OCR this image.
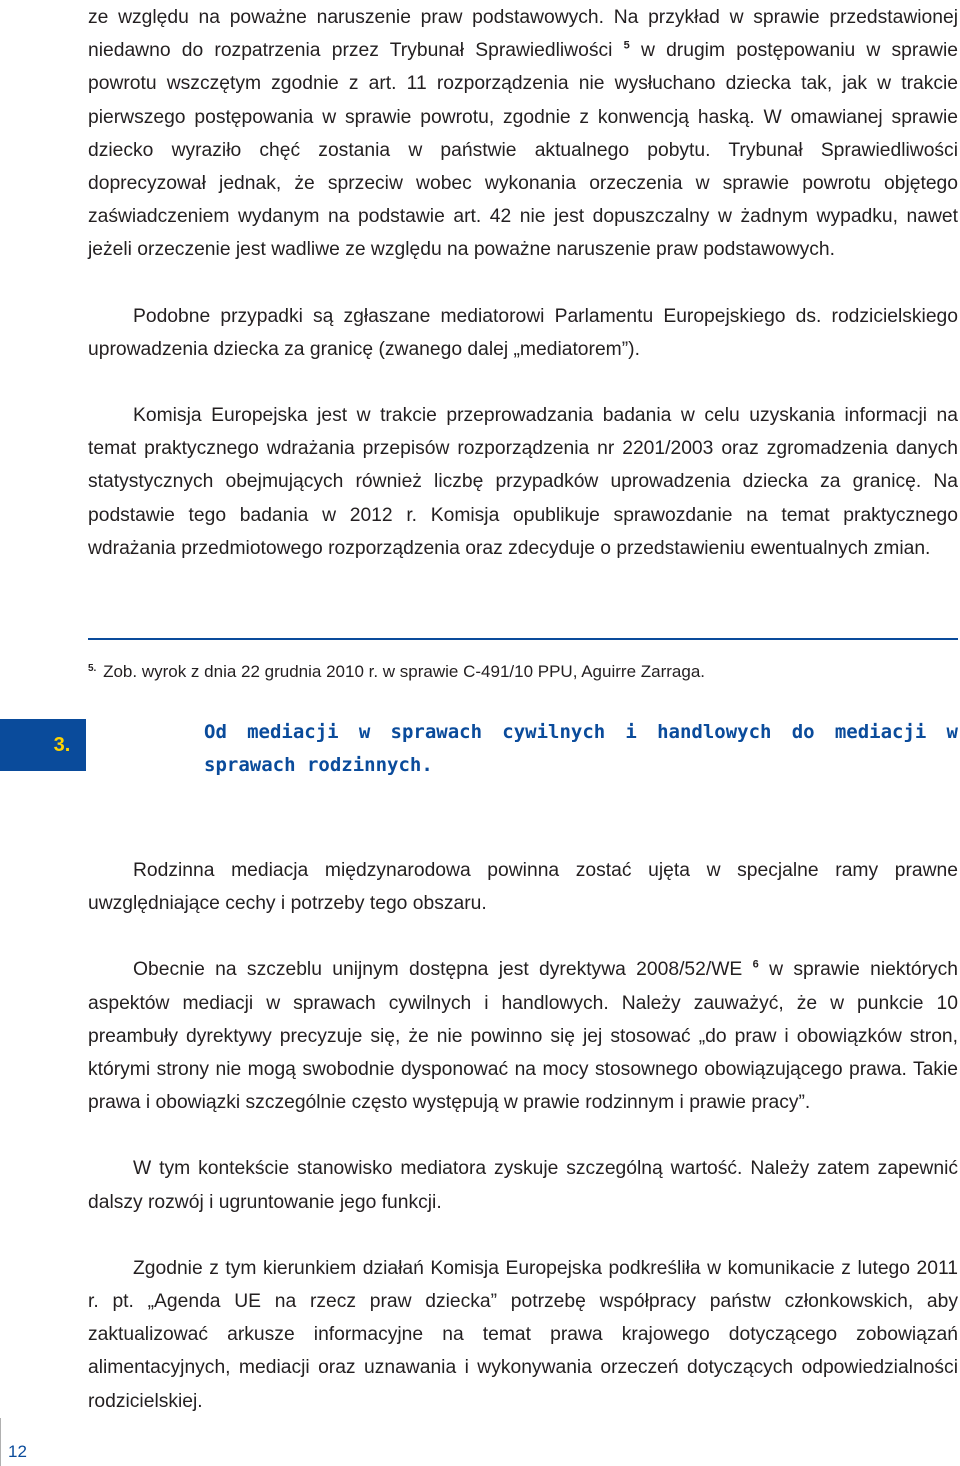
ze względu na poważne naruszenie praw podstawowych. Na przykład w sprawie przedstawionej niedawno do rozpatrzenia przez Trybunał Sprawiedliwości $^5$ w drugim postępowaniu w sprawie powrotu wszczętym zgodnie z art. 11 rozporządzenia nie wysłuchano dziecka tak, jak w trakcie pierwszego postępowania w sprawie powrotu, zgodnie z konwencją haską. W omawianej sprawie dziecko wyraziło chęć zostania w państwie aktualnego pobytu. Trybunał Sprawiedliwości doprecyzował jednak, że sprzeciw wobec wykonania orzeczenia w sprawie powrotu objętego zaświadczeniem wydanym na podstawie art. 42 nie jest dopuszczalny w żadnym wypadku, nawet jeżeli orzeczenie jest wadliwe ze względu na poważne naruszenie praw podstawowych.

Podobne przypadki są zgłaszane mediatorowi Parlamentu Europejskiego ds. rodzicielskiego uprowadzenia dziecka za granicę (zwanego dalej „mediatorem”).

Komisja Europejska jest w trakcie przeprowadzania badania w celu uzyskania informacji na temat praktycznego wdrażania przepisów rozporządzenia nr 2201/2003 oraz zgromadzenia danych statystycznych obejmujących również liczbę przypadków uprowadzenia dziecka za granicę. Na podstawie tego badania w 2012 r. Komisja opublikuje sprawozdanie na temat praktycznego wdrażania przedmiotowego rozporządzenia oraz zdecyduje o przedstawieniu ewentualnych zmian.

$^{5.}$ Zob. wyrok z dnia 22 grudnia 2010 r. w sprawie C-491/10 PPU, Aguirre Zarraga.
3.
Od mediacji w sprawach cywilnych i handlowych do mediacji w sprawach rodzinnych.

Rodzinna mediacja międzynarodowa powinna zostać ujęta w specjalne ramy prawne uwzględniające cechy i potrzeby tego obszaru.

Obecnie na szczeblu unijnym dostępna jest dyrektywa 2008/52/WE $^6$ w sprawie niektórych aspektów mediacji w sprawach cywilnych i handlowych. Należy zauważyć, że w punkcie 10 preambuły dyrektywy precyzuje się, że nie powinno się jej stosować „do praw i obowiązków stron, którymi strony nie mogą swobodnie dysponować na mocy stosownego obowiązującego prawa. Takie prawa i obowiązki szczególnie często występują w prawie rodzinnym i prawie pracy”.

W tym kontekście stanowisko mediatora zyskuje szczególną wartość. Należy zatem zapewnić dalszy rozwój i ugruntowanie jego funkcji.

Zgodnie z tym kierunkiem działań Komisja Europejska podkreśliła w komunikacie z lutego 2011 r. pt. „Agenda UE na rzecz praw dziecka” potrzebę współpracy państw członkowskich, aby zaktualizować arkusze informacyjne na temat prawa krajowego dotyczącego zobowiązań alimentacyjnych, mediacji oraz uznawania i wykonywania orzeczeń dotyczących odpowiedzialności rodzicielskiej.

12
